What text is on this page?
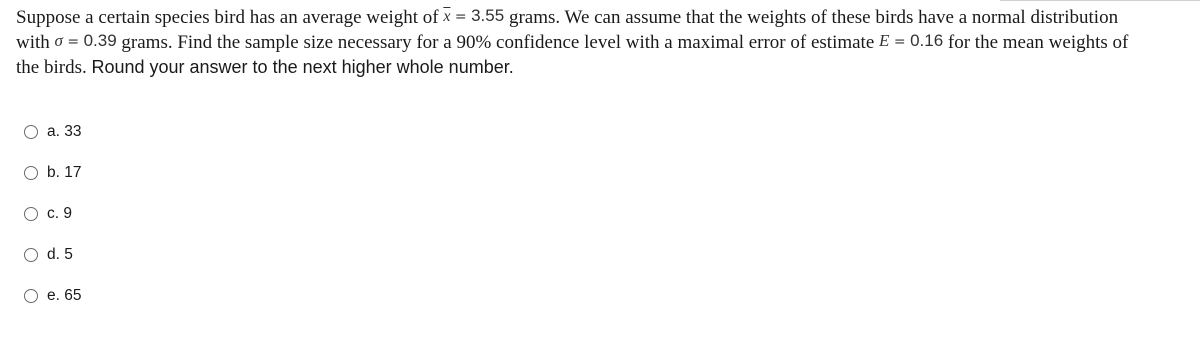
Suppose a certain species bird has an average weight of $\overline{x} = 3.55$ grams. We can assume that the weights of these birds have a normal distribution
with σ = 0.39 grams. Find the sample size necessary for a 90% confidence level with a maximal error of estimate E = 0.16 for the mean weights of
the birds. Round your answer to the next higher whole number.
a. 33
b. 17
c. 9
d. 5
e. 65
